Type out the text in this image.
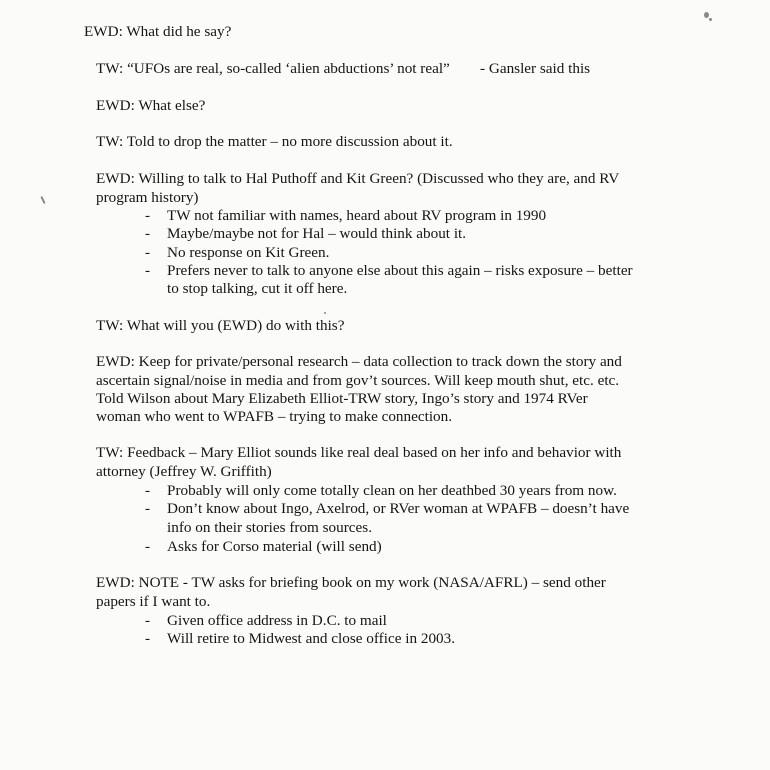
EWD: What did he say?
TW: “UFOs are real, so-called ‘alien abductions’ not real” - Gansler said this
EWD: What else?
TW: Told to drop the matter – no more discussion about it.
EWD: Willing to talk to Hal Puthoff and Kit Green? (Discussed who they are, and RV
program history)
- TW not familiar with names, heard about RV program in 1990
- Maybe/maybe not for Hal – would think about it.
- No response on Kit Green.
- Prefers never to talk to anyone else about this again – risks exposure – better
to stop talking, cut it off here.
TW: What will you (EWD) do with this?
EWD: Keep for private/personal research – data collection to track down the story and
ascertain signal/noise in media and from gov’t sources. Will keep mouth shut, etc. etc.
Told Wilson about Mary Elizabeth Elliot-TRW story, Ingo’s story and 1974 RVer
woman who went to WPAFB – trying to make connection.
TW: Feedback – Mary Elliot sounds like real deal based on her info and behavior with
attorney (Jeffrey W. Griffith)
- Probably will only come totally clean on her deathbed 30 years from now.
- Don’t know about Ingo, Axelrod, or RVer woman at WPAFB – doesn’t have
info on their stories from sources.
- Asks for Corso material (will send)
EWD: NOTE - TW asks for briefing book on my work (NASA/AFRL) – send other
papers if I want to.
- Given office address in D.C. to mail
- Will retire to Midwest and close office in 2003.
